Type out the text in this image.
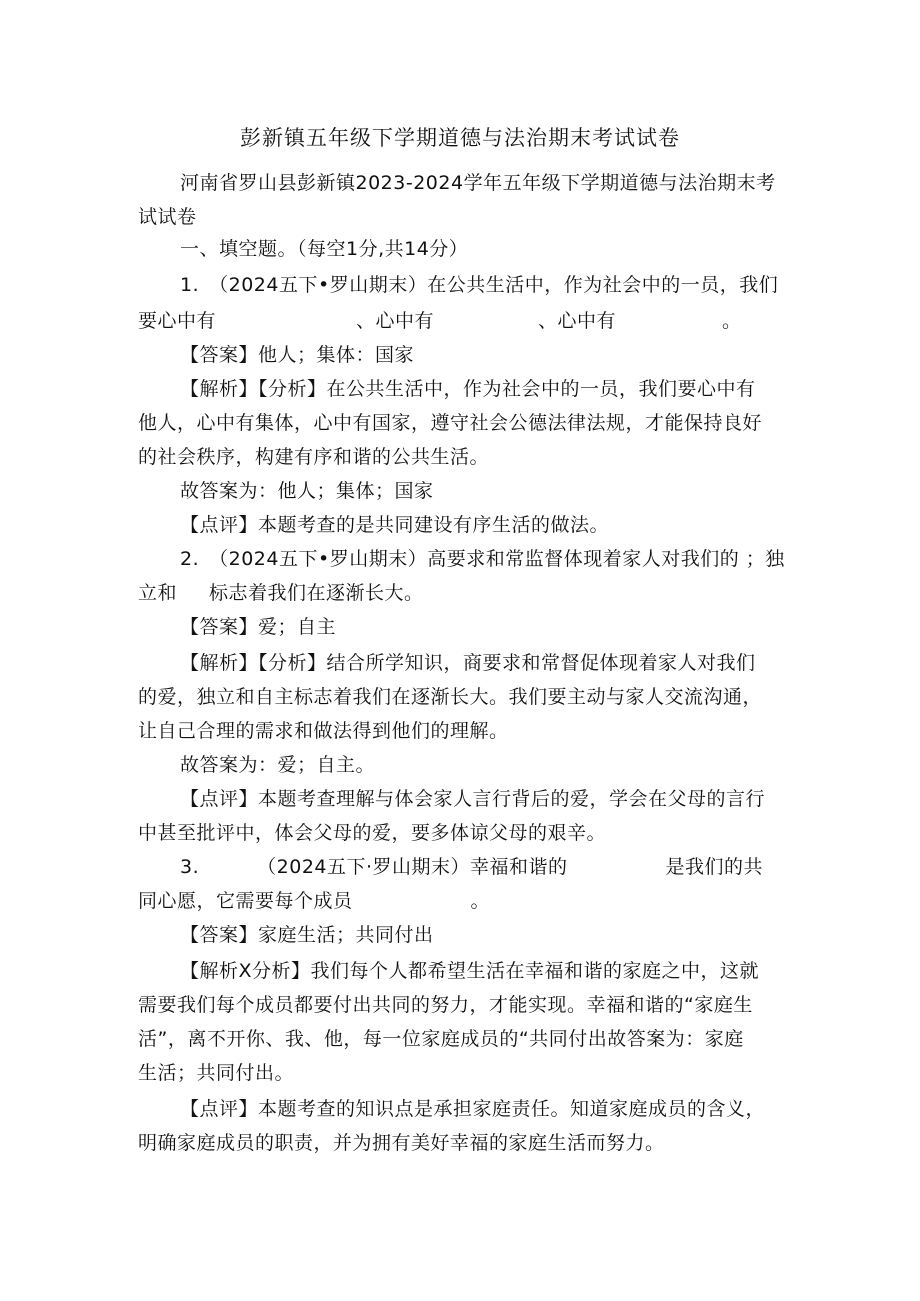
彭新镇五年级下学期道德与法治期末考试试卷
河南省罗山县彭新镇2023-2024学年五年级下学期道德与法治期末考
试试卷
一、填空题。（每空1分,共14分）
1.　（2024五下•罗山期末）在公共生活中，作为社会中的一员，我们
要心中有	、心中有	、心中有	。
【答案】他人；集体：国家
【解析】【分析】在公共生活中，作为社会中的一员，我们要心中有
他人，心中有集体，心中有国家，遵守社会公德法律法规，才能保持良好
的社会秩序，构建有序和谐的公共生活。
故答案为：他人；集体；国家
【点评】本题考查的是共同建设有序生活的做法。
2.　（2024五下•罗山期末）高要求和常监督体现着家人对我们的 ；独
立和 标志着我们在逐渐长大。
【答案】爱；自主
【解析】【分析】结合所学知识，商要求和常督促体现着家人对我们
的爱，独立和自主标志着我们在逐渐长大。我们要主动与家人交流沟通，
让自己合理的需求和做法得到他们的理解。
故答案为：爱；自主。
【点评】本题考查理解与体会家人言行背后的爱，学会在父母的言行
中甚至批评中，体会父母的爱，要多体谅父母的艰辛。
3.	（2024五下·罗山期末）幸福和谐的	是我们的共
同心愿，它需要每个成员	。
【答案】家庭生活；共同付出
【解析X分析】我们每个人都希望生活在幸福和谐的家庭之中，这就
需要我们每个成员都要付出共同的努力，才能实现。幸福和谐的“家庭生
活”，离不开你、我、他，每一位家庭成员的“共同付出故答案为：家庭
生活；共同付出。
【点评】本题考查的知识点是承担家庭责任。知道家庭成员的含义，
明确家庭成员的职责，并为拥有美好幸福的家庭生活而努力。
